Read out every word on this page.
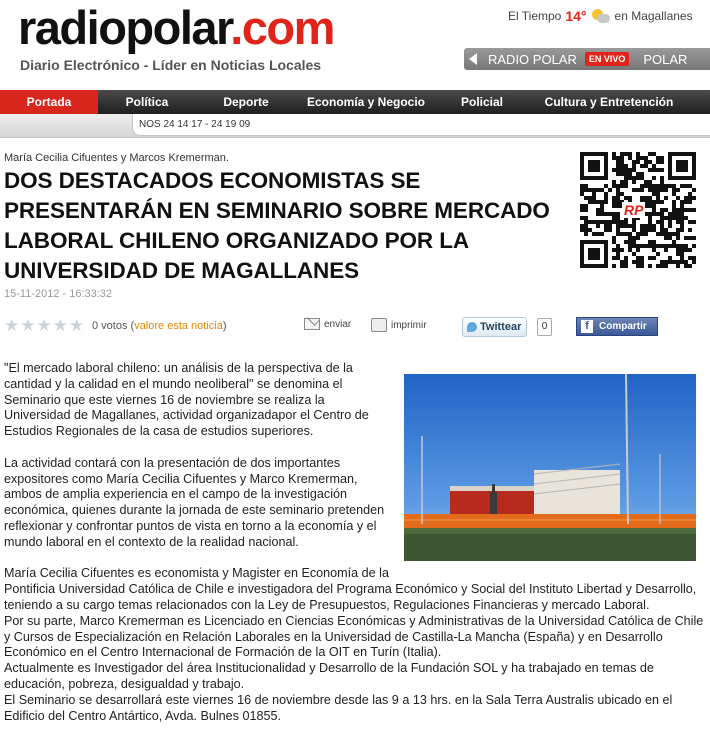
radiopolar.com
Diario Electrónico - Líder en Noticias Locales
El Tiempo 14° en Magallanes
RADIO POLAR	EN VIVO	POLAR
Portada	Política	Deporte	Economía y Negocio	Policial	Cultura y Entretención
NOS 24 14 17 - 24 19 09
María Cecilia Cifuentes y Marcos Kremerman.
DOS DESTACADOS ECONOMISTAS SE PRESENTARÁN EN SEMINARIO SOBRE MERCADO LABORAL CHILENO ORGANIZADO POR LA UNIVERSIDAD DE MAGALLANES
15-11-2012 - 16:33:32
RP
★ ★ ★ ★ ★ 0 votos (valore esta noticia)	enviar	imprimir	Twittear	0	f	Compartir

"El mercado laboral chileno: un análisis de la perspectiva de la cantidad y la calidad en el mundo neoliberal" se denomina el Seminario que este viernes 16 de noviembre se realiza la Universidad de Magallanes, actividad organizadapor el Centro de Estudios Regionales de la casa de estudios superiores.

La actividad contará con la presentación de dos importantes expositores como María Cecilia Cifuentes y Marco Kremerman, ambos de amplia experiencia en el campo de la investigación económica, quienes durante la jornada de este seminario pretenden reflexionar y confrontar puntos de vista en torno a la economía y el mundo laboral en el contexto de la realidad nacional.

María Cecilia Cifuentes es economista y Magister en Economía de la Pontificia Universidad Católica de Chile e investigadora del Programa Económico y Social del Instituto Libertad y Desarrollo, teniendo a su cargo temas relacionados con la Ley de Presupuestos, Regulaciones Financieras y mercado Laboral.

Por su parte, Marco Kremerman es Licenciado en Ciencias Económicas y Administrativas de la Universidad Católica de Chile y Cursos de Especialización en Relación Laborales en la Universidad de Castilla-La Mancha (España) y en Desarrollo Económico en el Centro Internacional de Formación de la OIT en Turín (Italia).

Actualmente es Investigador del área Institucionalidad y Desarrollo de la Fundación SOL y ha trabajado en temas de educación, pobreza, desigualdad y trabajo.

El Seminario se desarrollará este viernes 16 de noviembre desde las 9 a 13 hrs. en la Sala Terra Australis ubicado en el Edificio del Centro Antártico, Avda. Bulnes 01855.
